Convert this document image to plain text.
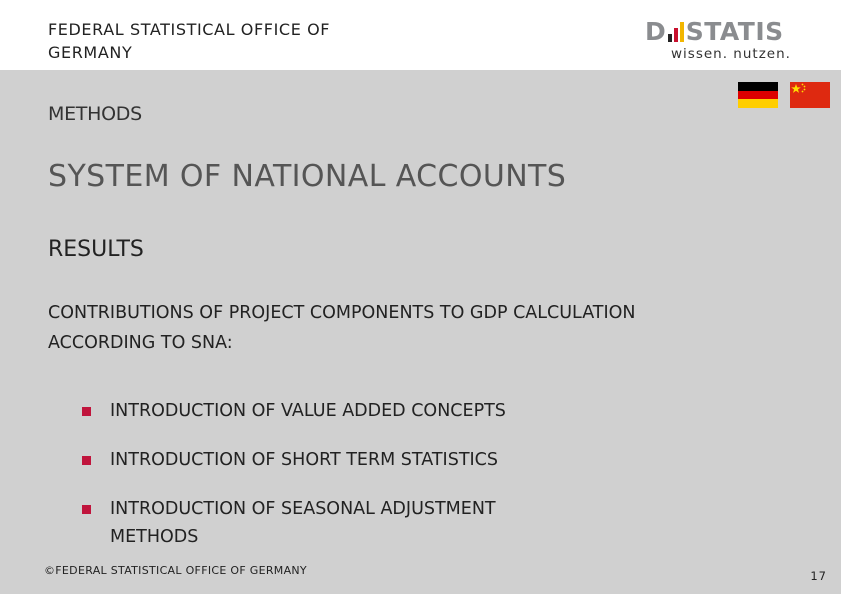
FEDERAL STATISTICAL OFFICE OF GERMANY
D STATIS
wissen. nutzen.
METHODS
SYSTEM OF NATIONAL ACCOUNTS
RESULTS
CONTRIBUTIONS OF PROJECT COMPONENTS TO GDP CALCULATION ACCORDING TO SNA:
INTRODUCTION OF VALUE ADDED CONCEPTS
INTRODUCTION OF SHORT TERM STATISTICS
INTRODUCTION OF SEASONAL ADJUSTMENT METHODS
©FEDERAL STATISTICAL OFFICE OF GERMANY	17
